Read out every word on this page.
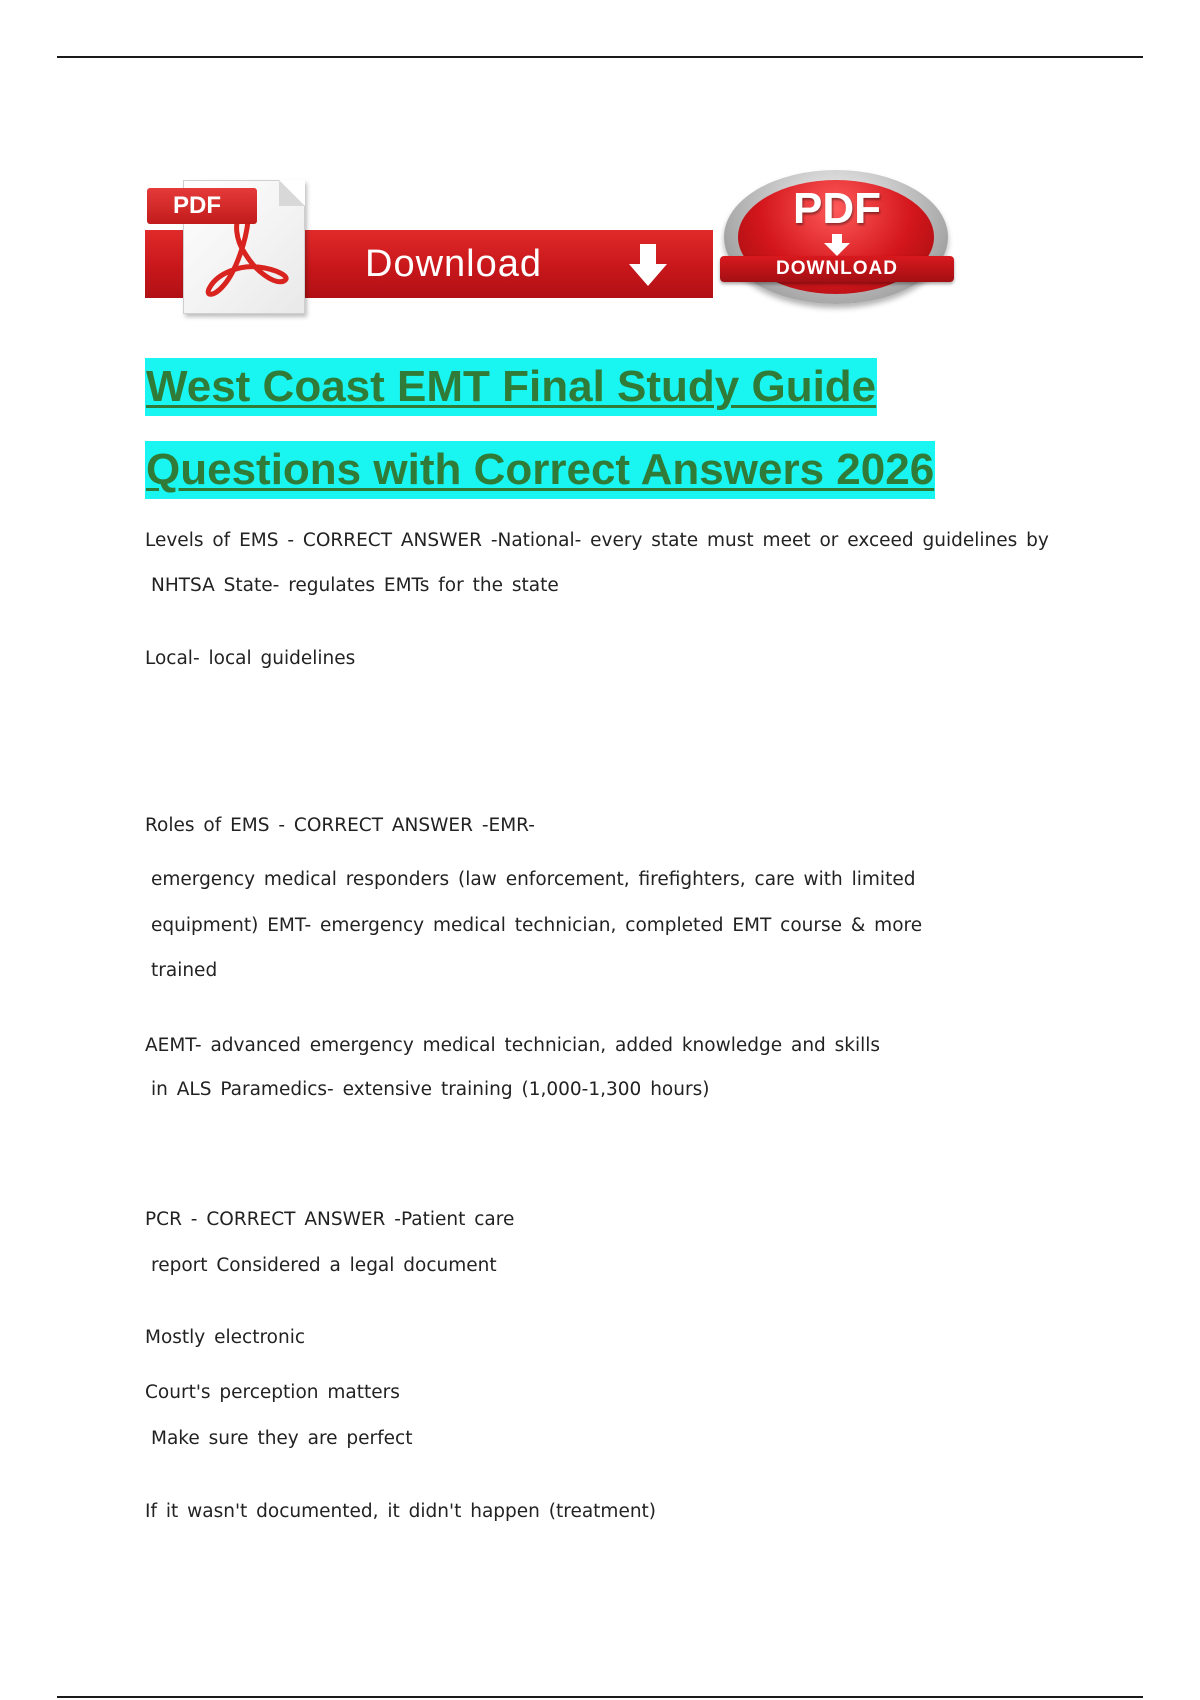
PDF
Download
PDF
DOWNLOAD
West Coast EMT Final Study Guide
Questions with Correct Answers 2026
Levels of EMS - CORRECT ANSWER -National- every state must meet or exceed guidelines by
NHTSA State- regulates EMTs for the state
Local- local guidelines
Roles of EMS - CORRECT ANSWER -EMR-
emergency medical responders (law enforcement, firefighters, care with limited
equipment) EMT- emergency medical technician, completed EMT course & more
trained
AEMT- advanced emergency medical technician, added knowledge and skills
in ALS Paramedics- extensive training (1,000-1,300 hours)
PCR - CORRECT ANSWER -Patient care
report Considered a legal document
Mostly electronic
Court's perception matters
Make sure they are perfect
If it wasn't documented, it didn't happen (treatment)
